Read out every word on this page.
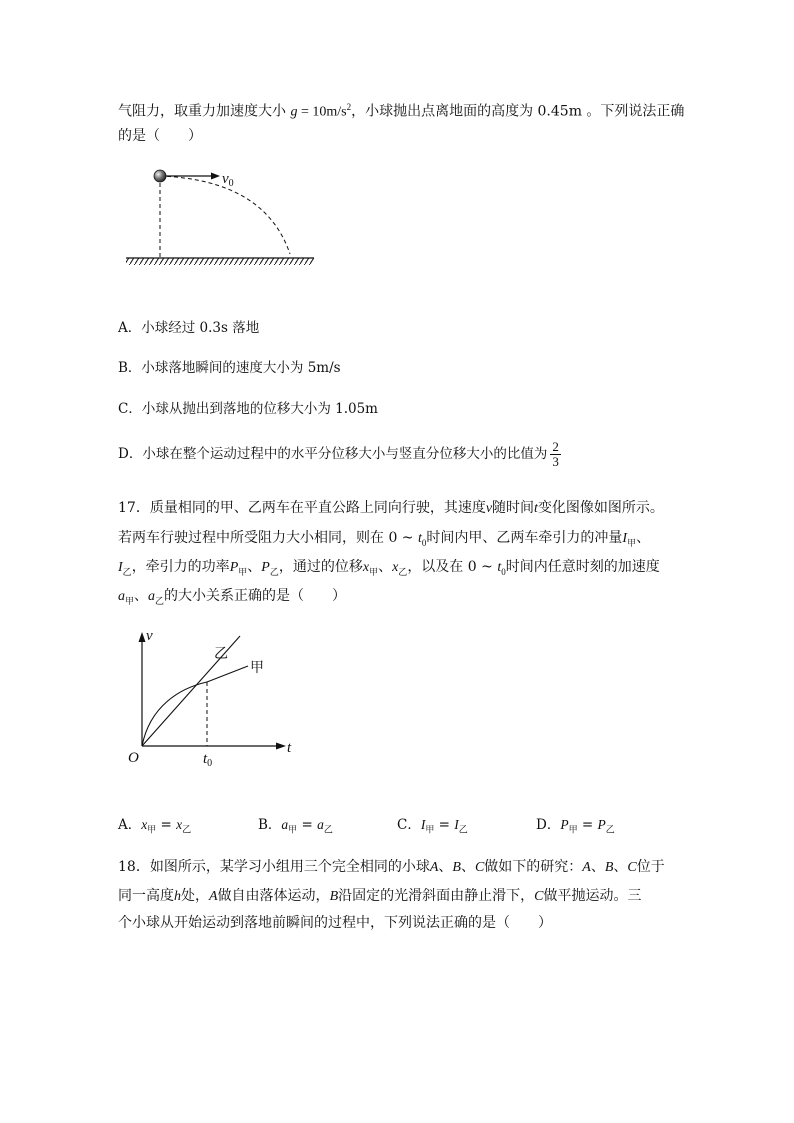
气阻力，取重力加速度大小 $g = 10m/s^2$，小球抛出点离地面的高度为 0.45m 。下列说法正确
的是（　　）
$v_0$
A．小球经过 0.3s 落地
B．小球落地瞬间的速度大小为 5m/s
C．小球从抛出到落地的位移大小为 1.05m
D．小球在整个运动过程中的水平分位移大小与竖直分位移大小的比值为 $\frac{2}{3}$
17．质量相同的甲、乙两车在平直公路上同向行驶，其速度v随时间t变化图像如图所示。
若两车行驶过程中所受阻力大小相同，则在 0 ~ $t_0$时间内甲、乙两车牵引力的冲量$I_甲$、
$I_乙$，牵引力的功率$P_甲$、$P_乙$，通过的位移$x_甲$、$x_乙$，以及在 0 ~ $t_0$时间内任意时刻的加速度
$a_甲$、$a_乙$的大小关系正确的是（　　）
v
t
O	$t_0$
乙
甲
A．$x_甲 = x_乙$	B．$a_甲 = a_乙$	C．$I_甲 = I_乙$	D．$P_甲 = P_乙$
18．如图所示，某学习小组用三个完全相同的小球A、B、C做如下的研究：A、B、C位于
同一高度h处，A做自由落体运动，B沿固定的光滑斜面由静止滑下，C做平抛运动。三
个小球从开始运动到落地前瞬间的过程中，下列说法正确的是（　　）
